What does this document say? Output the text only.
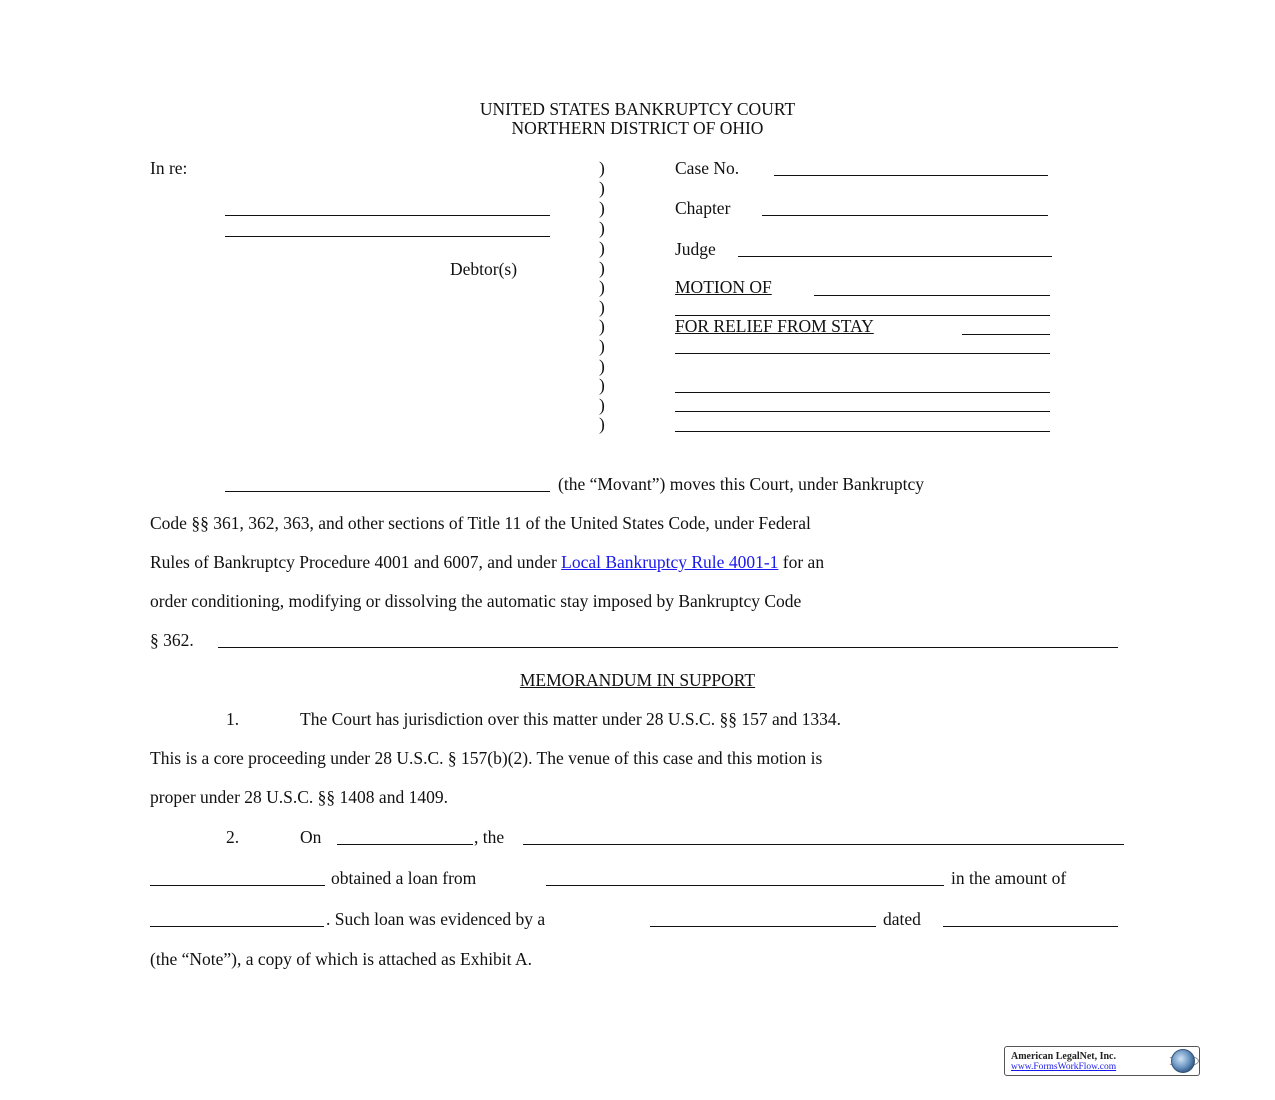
UNITED STATES BANKRUPTCY COURT
NORTHERN DISTRICT OF OHIO
In re:
Debtor(s)
)
)
)
)
)
)
)
)
)
)
)
)
)
)
Case No.
Chapter
Judge
MOTION OF
FOR RELIEF FROM STAY
(the “Movant”) moves this Court, under Bankruptcy
Code §§ 361, 362, 363, and other sections of Title 11 of the United States Code, under Federal
Rules of Bankruptcy Procedure 4001 and 6007, and under Local Bankruptcy Rule 4001-1 for an
order conditioning, modifying or dissolving the automatic stay imposed by Bankruptcy Code
§ 362.
MEMORANDUM IN SUPPORT
1.	The Court has jurisdiction over this matter under 28 U.S.C. §§ 157 and 1334.
This is a core proceeding under 28 U.S.C. § 157(b)(2). The venue of this case and this motion is
proper under 28 U.S.C. §§ 1408 and 1409.
2.	On	, the
obtained a loan from	in the amount of
. Such loan was evidenced by a	dated
(the “Note”), a copy of which is attached as Exhibit A.
American LegalNet, Inc.
www.FormsWorkFlow.com
